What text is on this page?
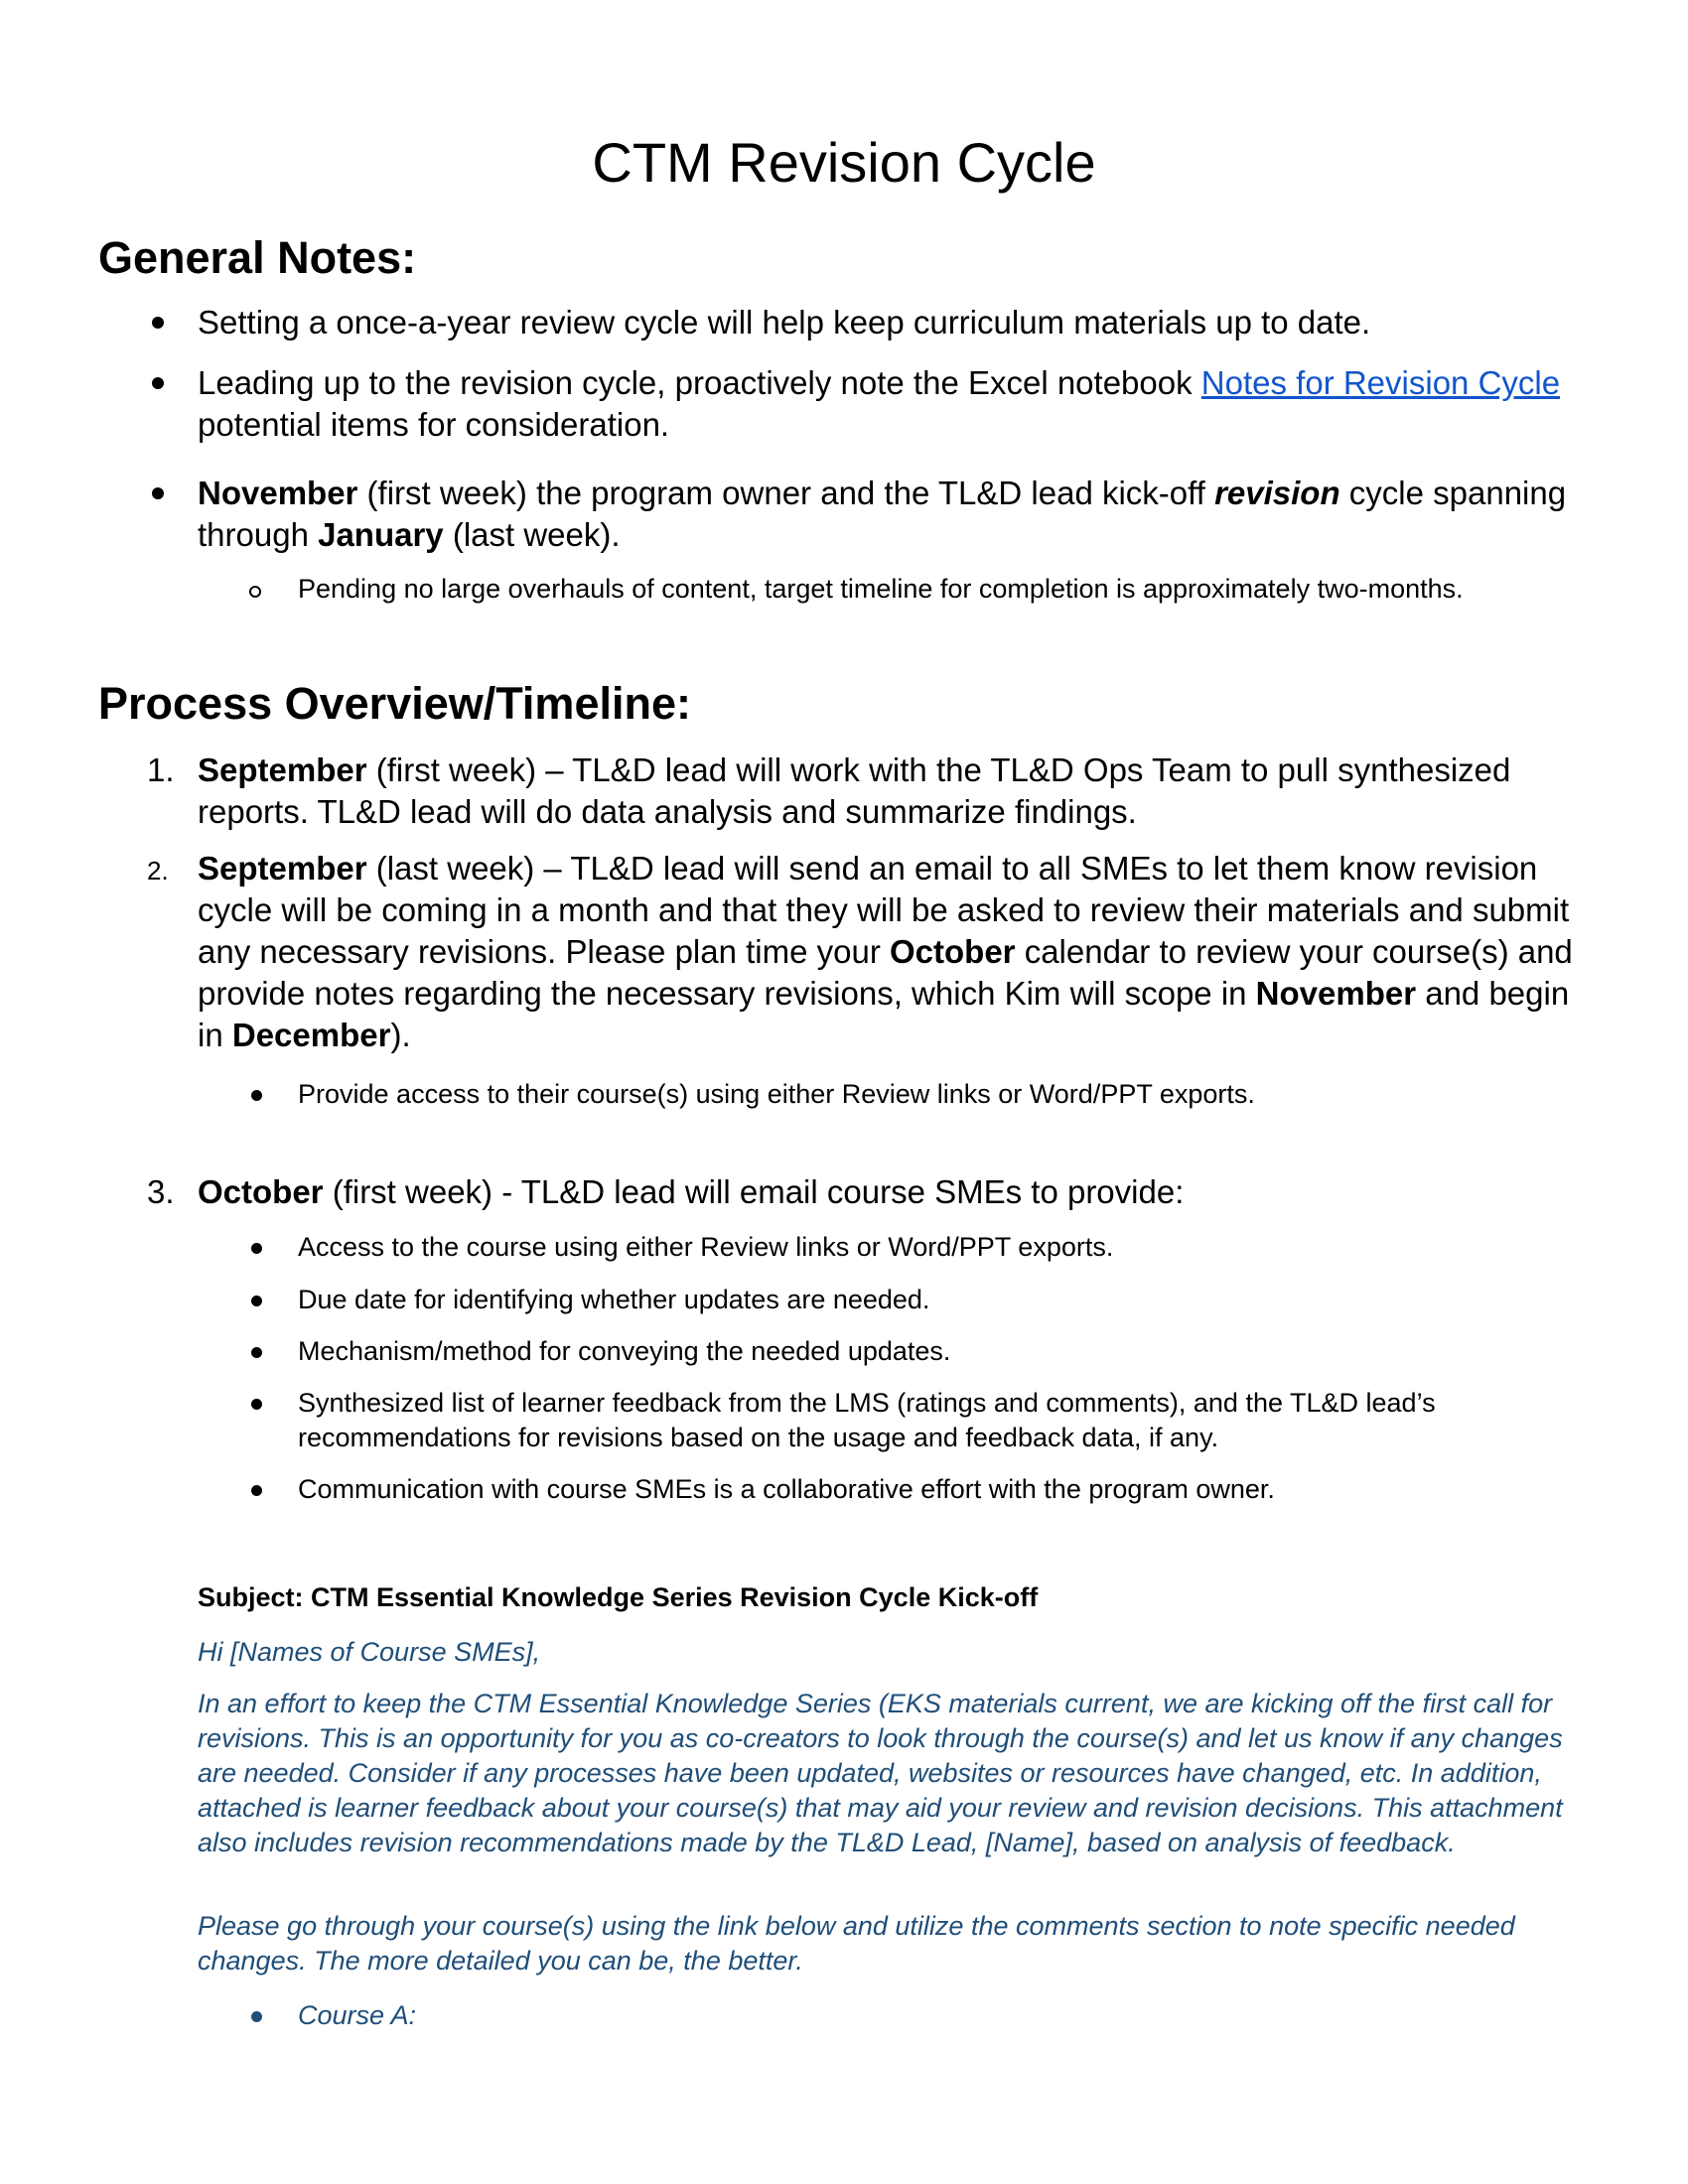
CTM Revision Cycle
General Notes:
Setting a once-a-year review cycle will help keep curriculum materials up to date.
Leading up to the revision cycle, proactively note the Excel notebook Notes for Revision Cycle potential items for consideration.
November (first week) the program owner and the TL&D lead kick-off revision cycle spanning through January (last week).
Pending no large overhauls of content, target timeline for completion is approximately two-months.
Process Overview/Timeline:
1. September (first week) – TL&D lead will work with the TL&D Ops Team to pull synthesized reports. TL&D lead will do data analysis and summarize findings.
2. September (last week) – TL&D lead will send an email to all SMEs to let them know revision cycle will be coming in a month and that they will be asked to review their materials and submit any necessary revisions. Please plan time your October calendar to review your course(s) and provide notes regarding the necessary revisions, which Kim will scope in November and begin in December).
Provide access to their course(s) using either Review links or Word/PPT exports.
3. October (first week) - TL&D lead will email course SMEs to provide:
Access to the course using either Review links or Word/PPT exports.
Due date for identifying whether updates are needed.
Mechanism/method for conveying the needed updates.
Synthesized list of learner feedback from the LMS (ratings and comments), and the TL&D lead’s recommendations for revisions based on the usage and feedback data, if any.
Communication with course SMEs is a collaborative effort with the program owner.
Subject: CTM Essential Knowledge Series Revision Cycle Kick-off
Hi [Names of Course SMEs],
In an effort to keep the CTM Essential Knowledge Series (EKS materials current, we are kicking off the first call for revisions. This is an opportunity for you as co-creators to look through the course(s) and let us know if any changes are needed. Consider if any processes have been updated, websites or resources have changed, etc. In addition, attached is learner feedback about your course(s) that may aid your review and revision decisions. This attachment also includes revision recommendations made by the TL&D Lead, [Name], based on analysis of feedback.
Please go through your course(s) using the link below and utilize the comments section to note specific needed changes. The more detailed you can be, the better.
Course A:
